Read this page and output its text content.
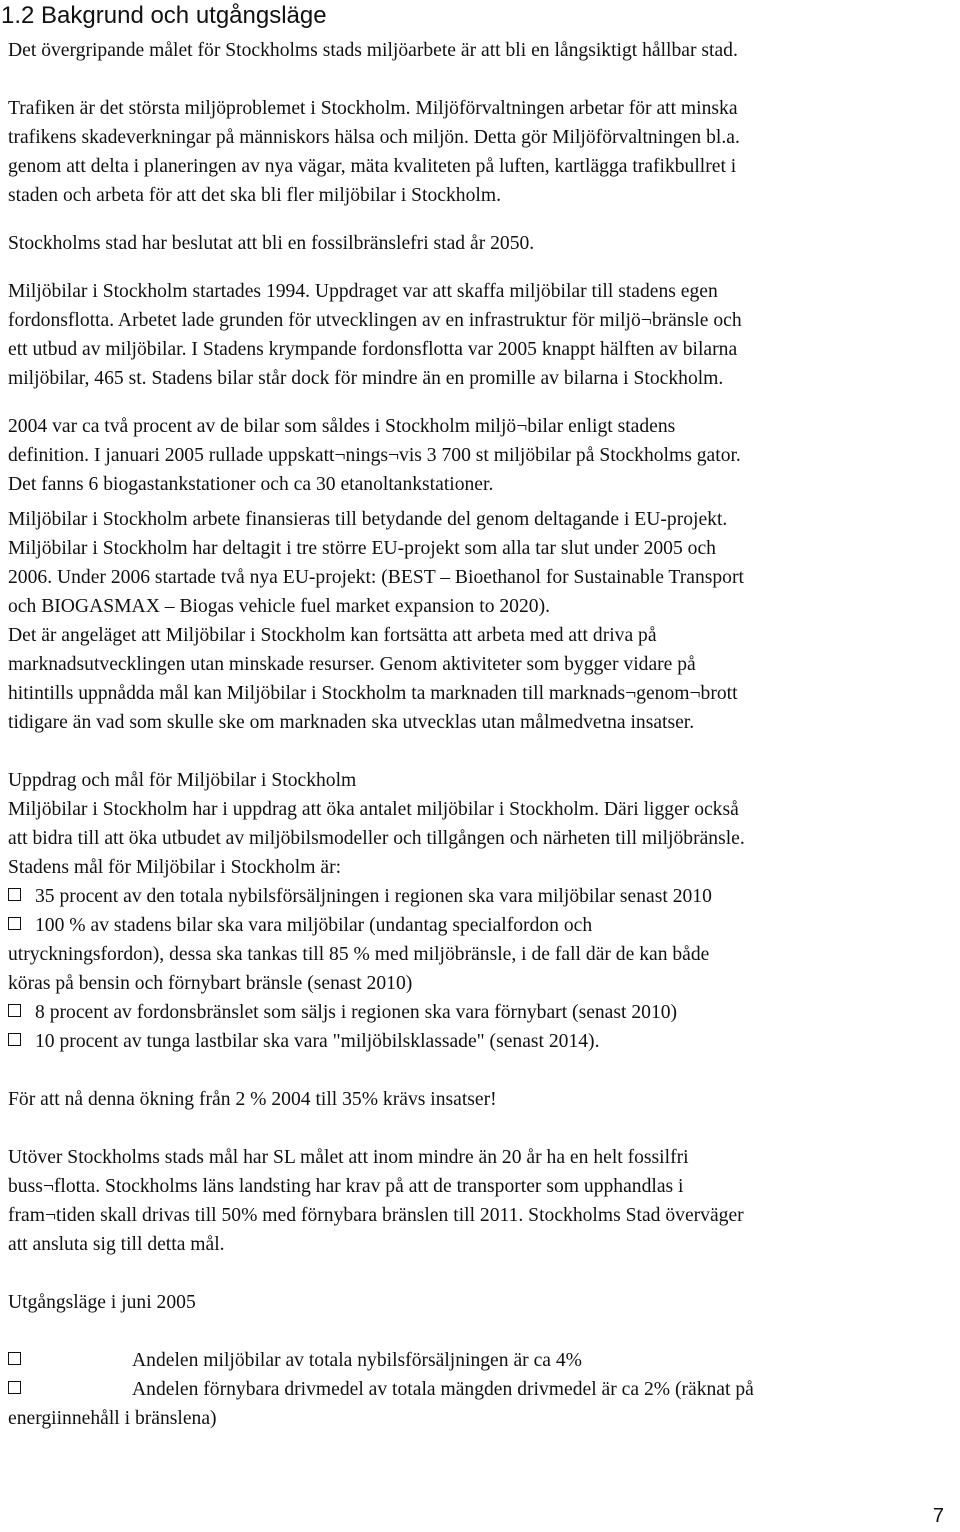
1.2 Bakgrund och utgångsläge

Det övergripande målet för Stockholms stads miljöarbete är att bli en långsiktigt hållbar stad.

Trafiken är det största miljöproblemet i Stockholm. Miljöförvaltningen arbetar för att minska
trafikens skadeverkningar på människors hälsa och miljön. Detta gör Miljöförvaltningen bl.a.
genom att delta i planeringen av nya vägar, mäta kvaliteten på luften, kartlägga trafikbullret i
staden och arbeta för att det ska bli fler miljöbilar i Stockholm.

Stockholms stad har beslutat att bli en fossilbränslefri stad år 2050.

Miljöbilar i Stockholm startades 1994. Uppdraget var att skaffa miljöbilar till stadens egen
fordonsflotta. Arbetet lade grunden för utvecklingen av en infrastruktur för miljö¬bränsle och
ett utbud av miljöbilar. I Stadens krympande fordonsflotta var 2005 knappt hälften av bilarna
miljöbilar, 465 st. Stadens bilar står dock för mindre än en promille av bilarna i Stockholm.

2004 var ca två procent av de bilar som såldes i Stockholm miljö¬bilar enligt stadens
definition. I januari 2005 rullade uppskatt¬nings¬vis 3 700 st miljöbilar på Stockholms gator.
Det fanns 6 biogastankstationer och ca 30 etanoltankstationer.

Miljöbilar i Stockholm arbete finansieras till betydande del genom deltagande i EU-projekt.
Miljöbilar i Stockholm har deltagit i tre större EU-projekt som alla tar slut under 2005 och
2006. Under 2006 startade två nya EU-projekt: (BEST – Bioethanol for Sustainable Transport
och BIOGASMAX – Biogas vehicle fuel market expansion to 2020).
Det är angeläget att Miljöbilar i Stockholm kan fortsätta att arbeta med att driva på
marknadsutvecklingen utan minskade resurser. Genom aktiviteter som bygger vidare på
hitintills uppnådda mål kan Miljöbilar i Stockholm ta marknaden till marknads¬genom¬brott
tidigare än vad som skulle ske om marknaden ska utvecklas utan målmedvetna insatser.

Uppdrag och mål för Miljöbilar i Stockholm
Miljöbilar i Stockholm har i uppdrag att öka antalet miljöbilar i Stockholm. Däri ligger också
att bidra till att öka utbudet av miljöbilsmodeller och tillgången och närheten till miljöbränsle.
Stadens mål för Miljöbilar i Stockholm är:

35 procent av den totala nybilsförsäljningen i regionen ska vara miljöbilar senast 2010
100 % av stadens bilar ska vara miljöbilar (undantag specialfordon och
utryckningsfordon), dessa ska tankas till 85 % med miljöbränsle, i de fall där de kan både
köras på bensin och förnybart bränsle (senast 2010)
8 procent av fordonsbränslet som säljs i regionen ska vara förnybart (senast 2010)
10 procent av tunga lastbilar ska vara "miljöbilsklassade" (senast 2014).

För att nå denna ökning från 2 % 2004 till 35% krävs insatser!

Utöver Stockholms stads mål har SL målet att inom mindre än 20 år ha en helt fossilfri
buss¬flotta. Stockholms läns landsting har krav på att de transporter som upphandlas i
fram¬tiden skall drivas till 50% med förnybara bränslen till 2011. Stockholms Stad överväger
att ansluta sig till detta mål.

Utgångsläge i juni 2005

Andelen miljöbilar av totala nybilsförsäljningen är ca 4%
Andelen förnybara drivmedel av totala mängden drivmedel är ca 2% (räknat på
energiinnehåll i bränslena)
7
